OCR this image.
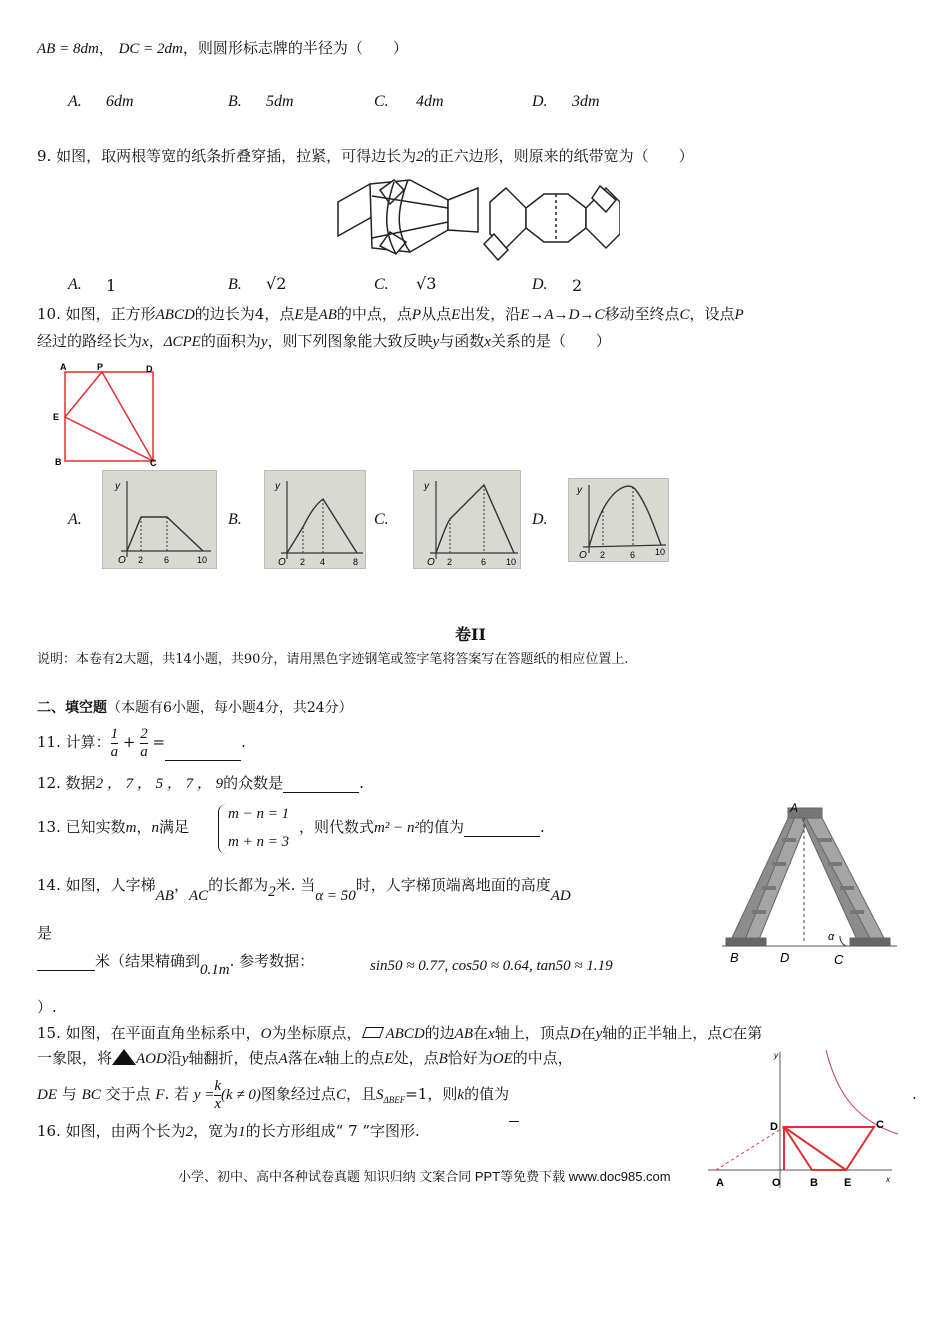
AB = 8dm， DC = 2dm，则圆形标志牌的半径为（　　）
A. 6dm	B. 5dm	C. 4dm	D. 3dm
9. 如图，取两根等宽的纸条折叠穿插，拉紧，可得边长为2的正六边形，则原来的纸带宽为（　　）
A. 1	B. √2	C. √3	D. 2
10. 如图，正方形ABCD的边长为4，点E是AB的中点，点P从点E出发，沿E→A→D→C移动至终点C，设点P
经过的路经长为x，ΔCPE的面积为y，则下列图象能大致反映y与函数x关系的是（　　）
A	P	D
E
B	C
A.	B.	C.	D.
y
O 2 6	10
y
O 2 4	8
y
O 2	6 10
y
O 2	6 10
卷II
说明：本卷有2大题，共14小题，共90分，请用黑色字迹钢笔或签字笔将答案写在答题纸的相应位置上.
二、填空题（本题有6小题，每小题4分，共24分）
11. 计算： $\frac{1}{a} + \frac{2}{a}$ =	.
12. 数据2 ， 7 ， 5 ， 7 ， 9的众数是	.
13. 已知实数m，n满足
m − n = 1
m + n = 3
，则代数式m² − n²的值为	.
14. 如图，人字梯AB，AC的长都为2米. 当α = 50时，人字梯顶端离地面的高度AD
是
米（结果精确到0.1m. 参考数据：	sin50 ≈ 0.77, cos50 ≈ 0.64, tan50 ≈ 1.19
）.
A
B	D	C
α
15. 如图，在平面直角坐标系中，O为坐标原点， ABCD的边AB在x轴上，顶点D在y轴的正半轴上，点C在第
一象限，将 AOD沿y轴翻折，使点A落在x轴上的点E处，点B恰好为OE的中点，
DE 与 BC 交于点 F. 若 $y = \frac{k}{x} (k \ne 0)$图象经过点C，且$S_{\Delta BEF}=1$，则k的值为	.
y
D	C
A	O	B E	x
16. 如图，由两个长为2，宽为1的长方形组成“ 7 ”字图形.
小学、初中、高中各种试卷真题 知识归纳 文案合同 PPT等免费下载 www.doc985.com
